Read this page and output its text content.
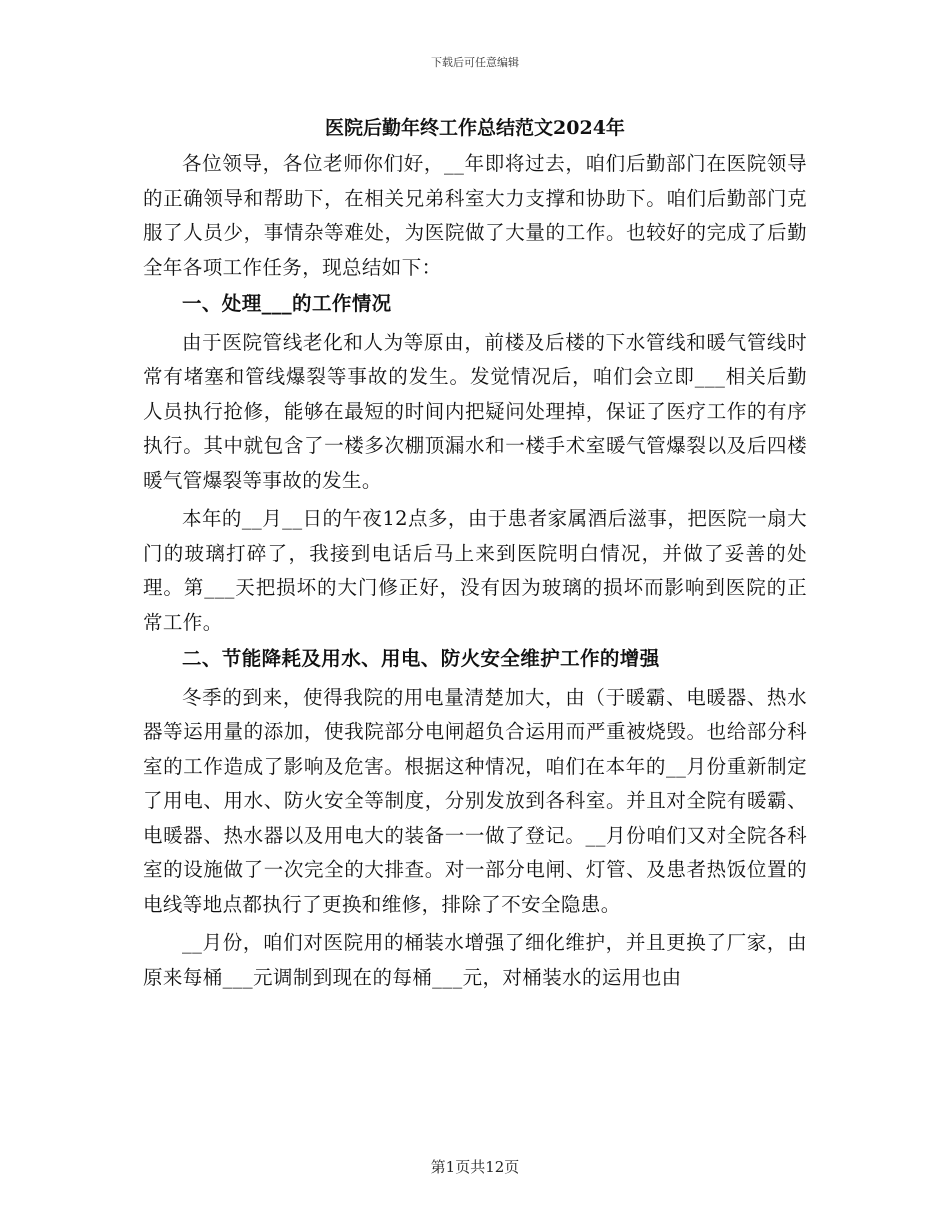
下载后可任意编辑
医院后勤年终工作总结范文2024年

各位领导，各位老师你们好，__年即将过去，咱们后勤部门在医院领导的正确领导和帮助下，在相关兄弟科室大力支撑和协助下。咱们后勤部门克服了人员少，事情杂等难处，为医院做了大量的工作。也较好的完成了后勤全年各项工作任务，现总结如下：

一、处理___的工作情况

由于医院管线老化和人为等原由，前楼及后楼的下水管线和暖气管线时常有堵塞和管线爆裂等事故的发生。发觉情况后，咱们会立即___相关后勤人员执行抢修，能够在最短的时间内把疑问处理掉，保证了医疗工作的有序执行。其中就包含了一楼多次棚顶漏水和一楼手术室暖气管爆裂以及后四楼暖气管爆裂等事故的发生。

本年的__月__日的午夜12点多，由于患者家属酒后滋事，把医院一扇大门的玻璃打碎了，我接到电话后马上来到医院明白情况，并做了妥善的处理。第___天把损坏的大门修正好，没有因为玻璃的损坏而影响到医院的正常工作。

二、节能降耗及用水、用电、防火安全维护工作的增强

冬季的到来，使得我院的用电量清楚加大，由（于暖霸、电暖器、热水器等运用量的添加，使我院部分电闸超负合运用而严重被烧毁。也给部分科室的工作造成了影响及危害。根据这种情况，咱们在本年的__月份重新制定了用电、用水、防火安全等制度，分别发放到各科室。并且对全院有暖霸、电暖器、热水器以及用电大的装备一一做了登记。__月份咱们又对全院各科室的设施做了一次完全的大排查。对一部分电闸、灯管、及患者热饭位置的电线等地点都执行了更换和维修，排除了不安全隐患。

__月份，咱们对医院用的桶装水增强了细化维护，并且更换了厂家，由原来每桶___元调制到现在的每桶___元，对桶装水的运用也由

第1页共12页
